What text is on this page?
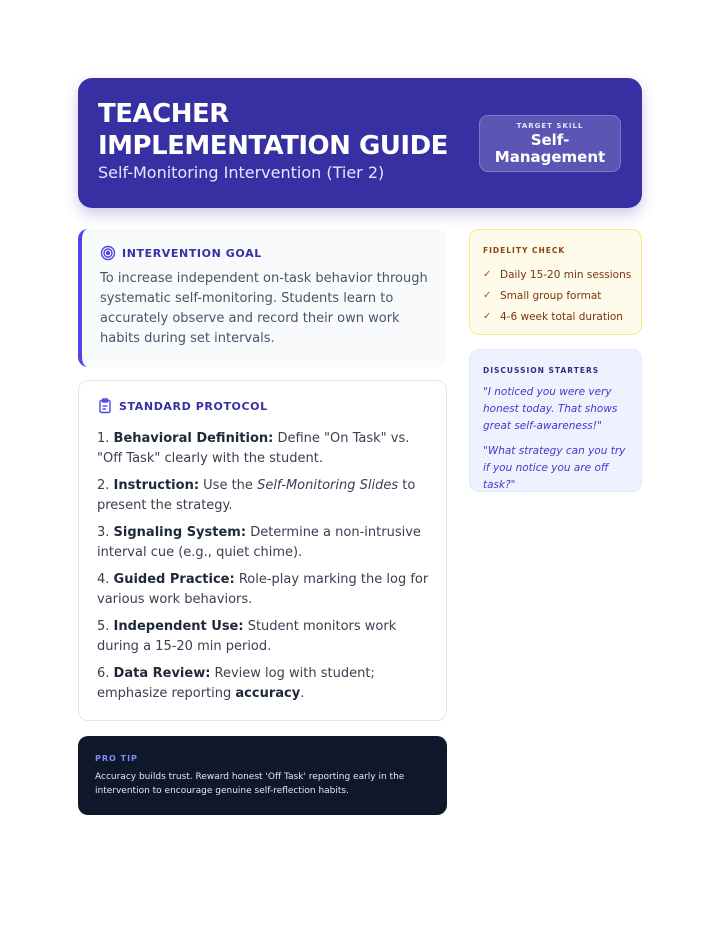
TEACHER IMPLEMENTATION GUIDE
Self-Monitoring Intervention (Tier 2)
TARGET SKILL
Self-Management
INTERVENTION GOAL
To increase independent on-task behavior through systematic self-monitoring. Students learn to accurately observe and record their own work habits during set intervals.
STANDARD PROTOCOL
1. Behavioral Definition: Define "On Task" vs. "Off Task" clearly with the student.
2. Instruction: Use the Self-Monitoring Slides to present the strategy.
3. Signaling System: Determine a non-intrusive interval cue (e.g., quiet chime).
4. Guided Practice: Role-play marking the log for various work behaviors.
5. Independent Use: Student monitors work during a 15-20 min period.
6. Data Review: Review log with student; emphasize reporting accuracy.
PRO TIP
Accuracy builds trust. Reward honest 'Off Task' reporting early in the intervention to encourage genuine self-reflection habits.
FIDELITY CHECK
✓ Daily 15-20 min sessions
✓ Small group format
✓ 4-6 week total duration
DISCUSSION STARTERS
"I noticed you were very honest today. That shows great self-awareness!"
"What strategy can you try if you notice you are off task?"
